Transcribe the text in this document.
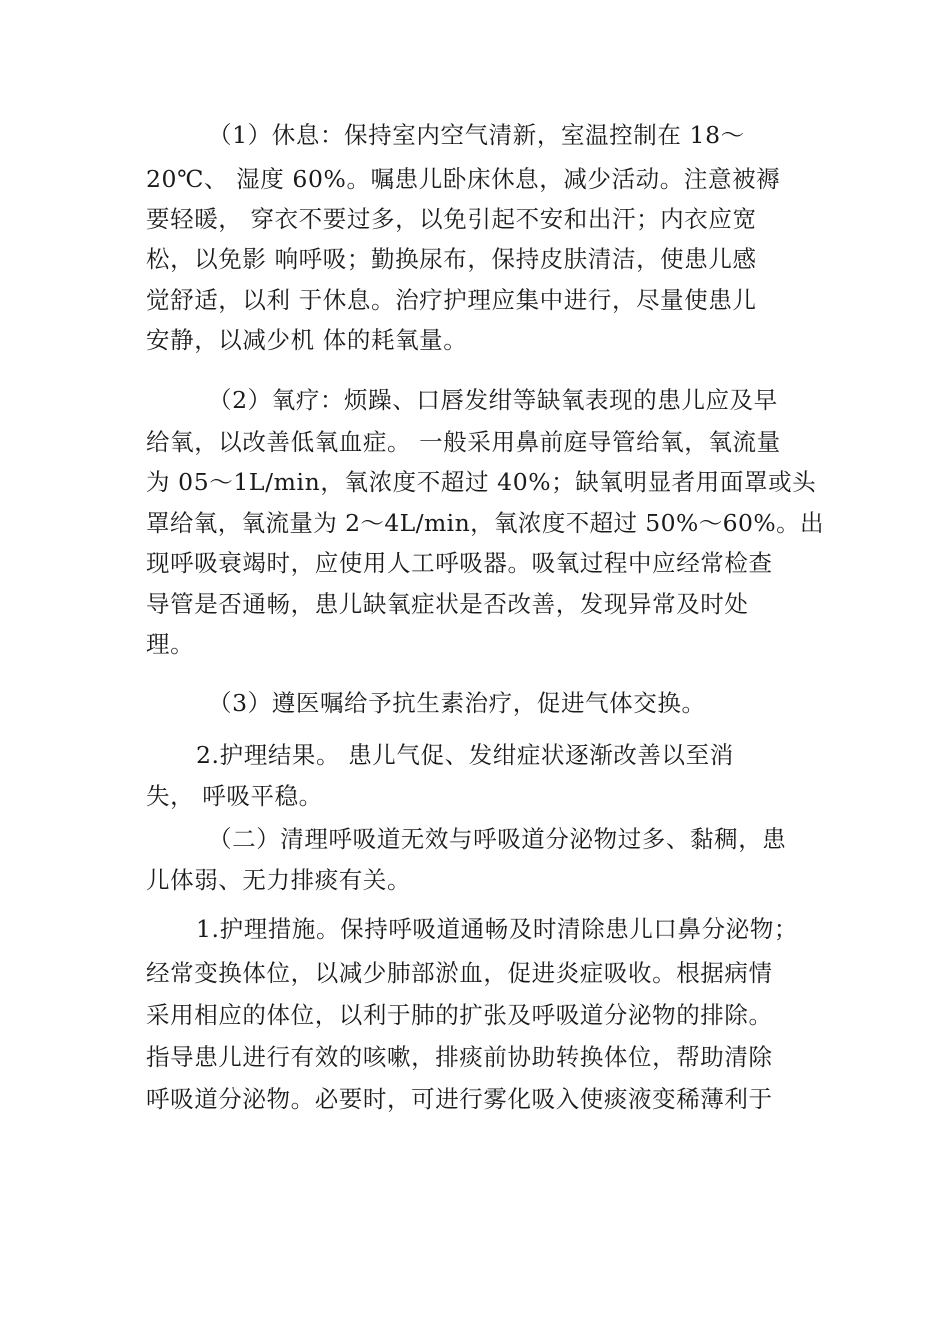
（1）休息：保持室内空气清新，室温控制在 18～

20℃、 湿度 60%。嘱患儿卧床休息，减少活动。注意被褥

要轻暖， 穿衣不要过多，以免引起不安和出汗；内衣应宽

松，以免影 响呼吸；勤换尿布，保持皮肤清洁，使患儿感

觉舒适，以利 于休息。治疗护理应集中进行，尽量使患儿

安静，以减少机 体的耗氧量。

（2）氧疗：烦躁、口唇发绀等缺氧表现的患儿应及早

给氧，以改善低氧血症。 一般采用鼻前庭导管给氧，氧流量

为 05～1L/min，氧浓度不超过 40%；缺氧明显者用面罩或头

罩给氧，氧流量为 2～4L/min，氧浓度不超过 50%～60%。出

现呼吸衰竭时，应使用人工呼吸器。吸氧过程中应经常检查

导管是否通畅，患儿缺氧症状是否改善，发现异常及时处

理。

（3）遵医嘱给予抗生素治疗，促进气体交换。

2.护理结果。 患儿气促、发绀症状逐渐改善以至消

失， 呼吸平稳。

（二）清理呼吸道无效与呼吸道分泌物过多、黏稠，患

儿体弱、无力排痰有关。

1.护理措施。保持呼吸道通畅及时清除患儿口鼻分泌物；

经常变换体位，以减少肺部淤血，促进炎症吸收。根据病情

采用相应的体位，以利于肺的扩张及呼吸道分泌物的排除。

指导患儿进行有效的咳嗽，排痰前协助转换体位，帮助清除

呼吸道分泌物。必要时，可进行雾化吸入使痰液变稀薄利于
